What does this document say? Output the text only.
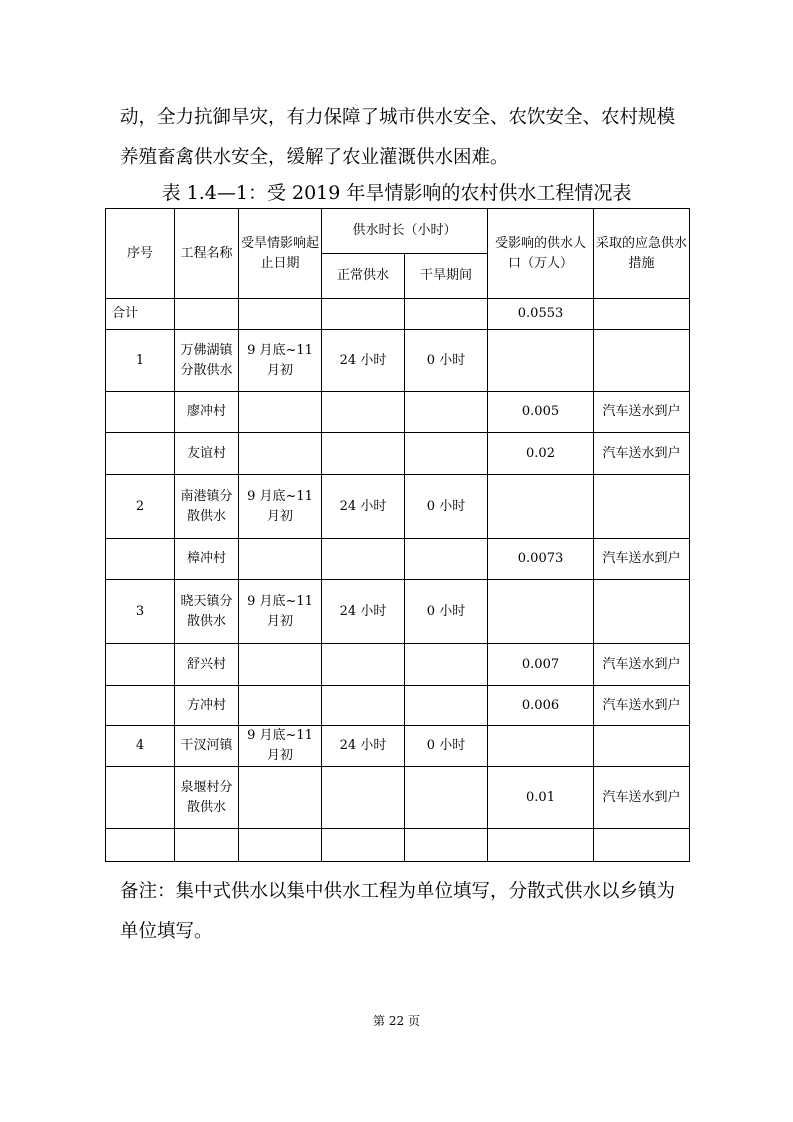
动，全力抗御旱灾，有力保障了城市供水安全、农饮安全、农村规模养殖畜禽供水安全，缓解了农业灌溉供水困难。

表 1.4—1：受 2019 年旱情影响的农村供水工程情况表

序号	工程名称	受旱情影响起止日期	供水时长（小时）		受影响的供水人口（万人）	采取的应急供水措施
			正常供水	干旱期间		
合计					0.0553	
1	万佛湖镇分散供水	9 月底~11 月初	24 小时	0 小时		
	廖冲村				0.005	汽车送水到户
	友谊村				0.02	汽车送水到户
2	南港镇分散供水	9 月底~11 月初	24 小时	0 小时		
	樟冲村				0.0073	汽车送水到户
3	晓天镇分散供水	9 月底~11 月初	24 小时	0 小时		
	舒兴村				0.007	汽车送水到户
	方冲村				0.006	汽车送水到户
4	干汊河镇	9 月底~11 月初	24 小时	0 小时		
	泉堰村分散供水				0.01	汽车送水到户

备注：集中式供水以集中供水工程为单位填写，分散式供水以乡镇为单位填写。

第 22 页
